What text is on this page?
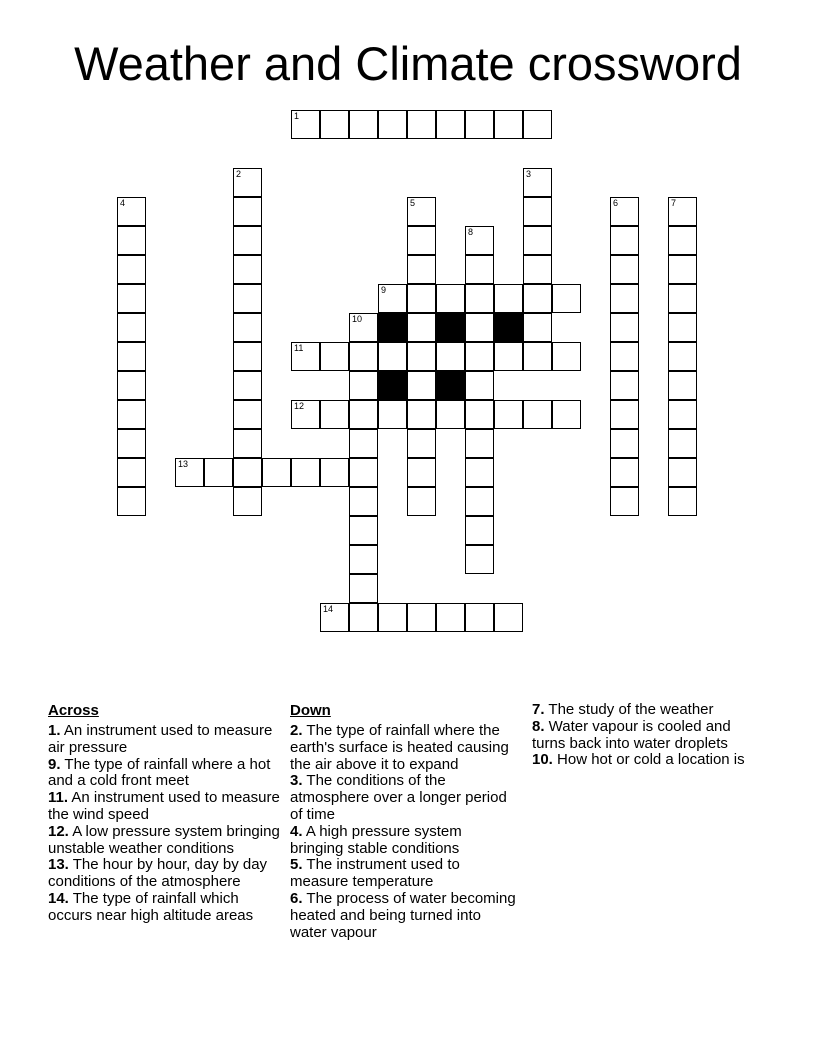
Weather and Climate crossword
1
2	3
4	5	6	7
8
9
10
11
12
13
14
Across
1. An instrument used to measure air pressure
9. The type of rainfall where a hot and a cold front meet
11. An instrument used to measure the wind speed
12. A low pressure system bringing unstable weather conditions
13. The hour by hour, day by day conditions of the atmosphere
14. The type of rainfall which occurs near high altitude areas
Down
2. The type of rainfall where the earth's surface is heated causing the air above it to expand
3. The conditions of the atmosphere over a longer period of time
4. A high pressure system bringing stable conditions
5. The instrument used to measure temperature
6. The process of water becoming heated and being turned into water vapour
7. The study of the weather
8. Water vapour is cooled and turns back into water droplets
10. How hot or cold a location is
